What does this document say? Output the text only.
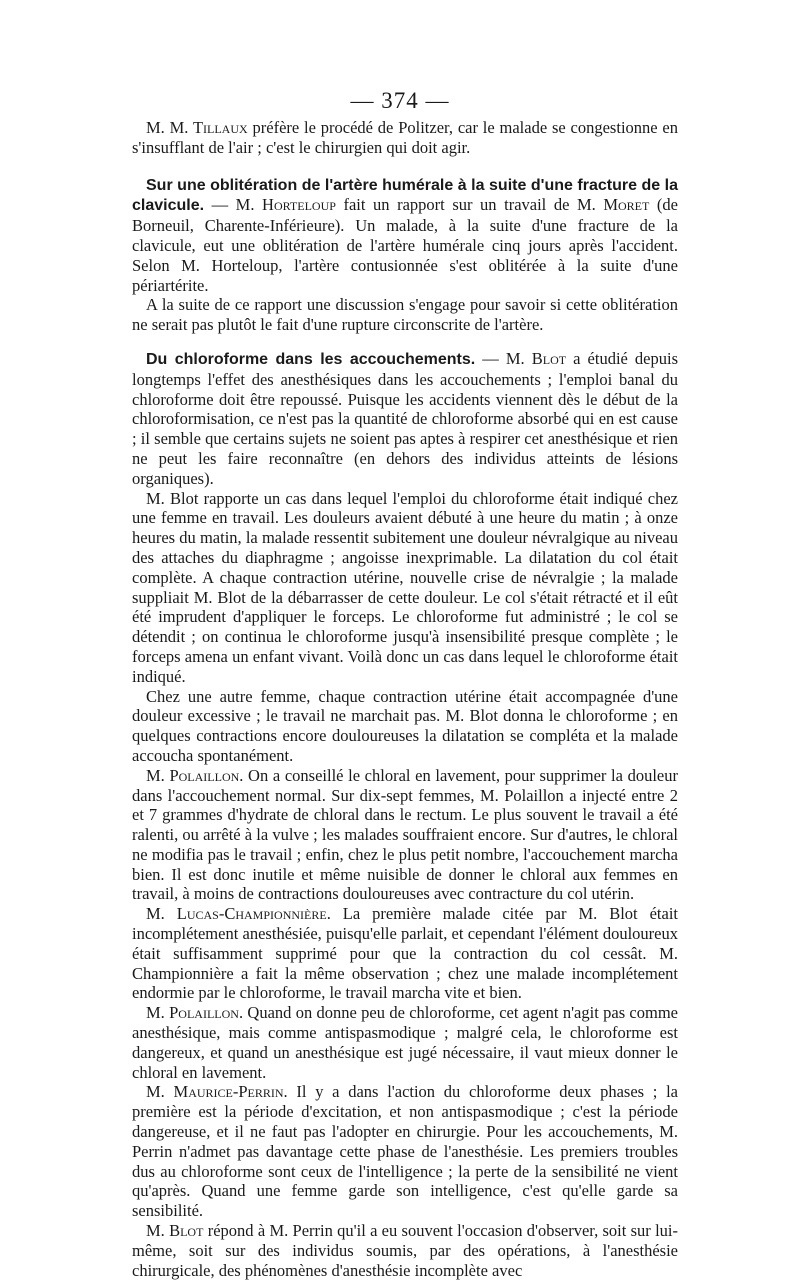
— 374 —

M. M. Tillaux préfère le procédé de Politzer, car le malade se congestionne en s'insufflant de l'air ; c'est le chirurgien qui doit agir.

Sur une oblitération de l'artère humérale à la suite d'une fracture de la clavicule. — M. Horteloup fait un rapport sur un travail de M. Moret (de Borneuil, Charente-Inférieure). Un malade, à la suite d'une fracture de la clavicule, eut une oblitération de l'artère humérale cinq jours après l'accident. Selon M. Horteloup, l'artère contusionnée s'est oblitérée à la suite d'une périartérite.

A la suite de ce rapport une discussion s'engage pour savoir si cette oblitération ne serait pas plutôt le fait d'une rupture circonscrite de l'artère.

Du chloroforme dans les accouchements. — M. Blot a étudié depuis longtemps l'effet des anesthésiques dans les accouchements ; l'emploi banal du chloroforme doit être repoussé. Puisque les accidents viennent dès le début de la chloroformisation, ce n'est pas la quantité de chloroforme absorbé qui en est cause ; il semble que certains sujets ne soient pas aptes à respirer cet anesthésique et rien ne peut les faire reconnaître (en dehors des individus atteints de lésions organiques).

M. Blot rapporte un cas dans lequel l'emploi du chloroforme était indiqué chez une femme en travail. Les douleurs avaient débuté à une heure du matin ; à onze heures du matin, la malade ressentit subitement une douleur névralgique au niveau des attaches du diaphragme ; angoisse inexprimable. La dilatation du col était complète. A chaque contraction utérine, nouvelle crise de névralgie ; la malade suppliait M. Blot de la débarrasser de cette douleur. Le col s'était rétracté et il eût été imprudent d'appliquer le forceps. Le chloroforme fut administré ; le col se détendit ; on continua le chloroforme jusqu'à insensibilité presque complète ; le forceps amena un enfant vivant. Voilà donc un cas dans lequel le chloroforme était indiqué.

Chez une autre femme, chaque contraction utérine était accompagnée d'une douleur excessive ; le travail ne marchait pas. M. Blot donna le chloroforme ; en quelques contractions encore douloureuses la dilatation se compléta et la malade accoucha spontanément.

M. Polaillon. On a conseillé le chloral en lavement, pour supprimer la douleur dans l'accouchement normal. Sur dix-sept femmes, M. Polaillon a injecté entre 2 et 7 grammes d'hydrate de chloral dans le rectum. Le plus souvent le travail a été ralenti, ou arrêté à la vulve ; les malades souffraient encore. Sur d'autres, le chloral ne modifia pas le travail ; enfin, chez le plus petit nombre, l'accouchement marcha bien. Il est donc inutile et même nuisible de donner le chloral aux femmes en travail, à moins de contractions douloureuses avec contracture du col utérin.

M. Lucas-Championnière. La première malade citée par M. Blot était incomplétement anesthésiée, puisqu'elle parlait, et cependant l'élément douloureux était suffisamment supprimé pour que la contraction du col cessât. M. Championnière a fait la même observation ; chez une malade incomplétement endormie par le chloroforme, le travail marcha vite et bien.

M. Polaillon. Quand on donne peu de chloroforme, cet agent n'agit pas comme anesthésique, mais comme antispasmodique ; malgré cela, le chloroforme est dangereux, et quand un anesthésique est jugé nécessaire, il vaut mieux donner le chloral en lavement.

M. Maurice-Perrin. Il y a dans l'action du chloroforme deux phases ; la première est la période d'excitation, et non antispasmodique ; c'est la période dangereuse, et il ne faut pas l'adopter en chirurgie. Pour les accouchements, M. Perrin n'admet pas davantage cette phase de l'anesthésie. Les premiers troubles dus au chloroforme sont ceux de l'intelligence ; la perte de la sensibilité ne vient qu'après. Quand une femme garde son intelligence, c'est qu'elle garde sa sensibilité.

M. Blot répond à M. Perrin qu'il a eu souvent l'occasion d'observer, soit sur lui-même, soit sur des individus soumis, par des opérations, à l'anesthésie chirurgicale, des phénomènes d'anesthésie incomplète avec
